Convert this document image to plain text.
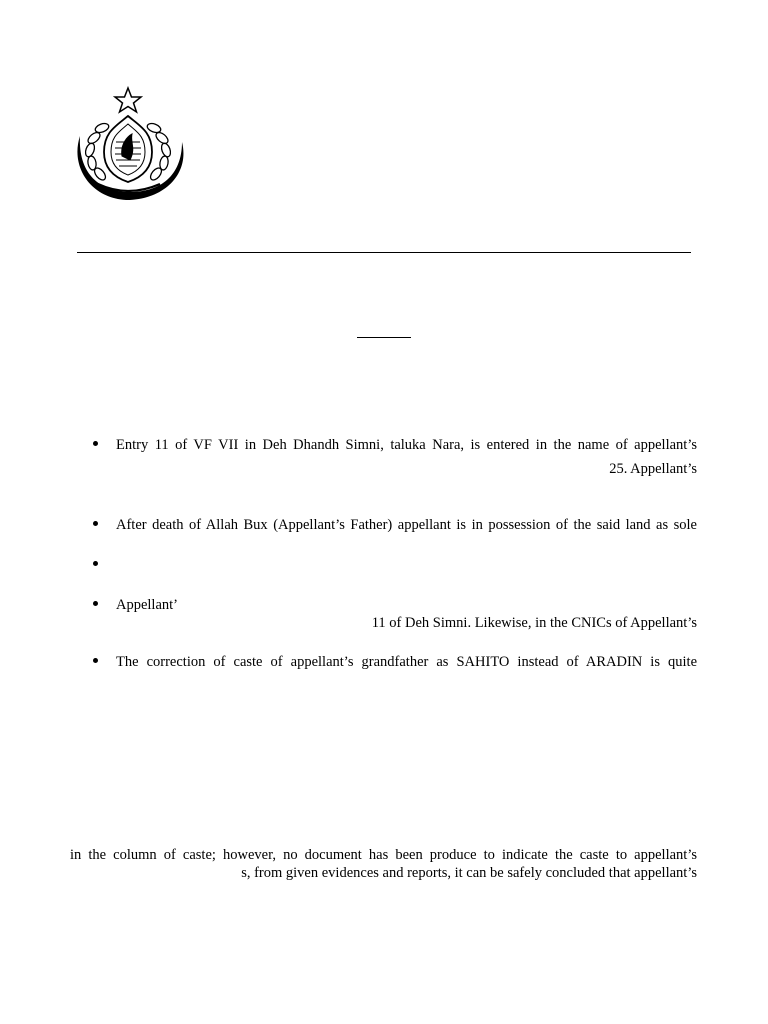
Entry 11 of VF VII in Deh Dhandh Simni, taluka Nara, is entered in the name of appellant’s
25. Appellant’s
After death of Allah Bux (Appellant’s Father) appellant is in possession of the said land as sole
Appellant’
11 of Deh Simni. Likewise, in the CNICs of Appellant’s
The correction of caste of appellant’s grandfather as SAHITO instead of ARADIN is quite
in the column of caste; however, no document has been produce to indicate the caste to appellant’s
s, from given evidences and reports, it can be safely concluded that appellant’s
